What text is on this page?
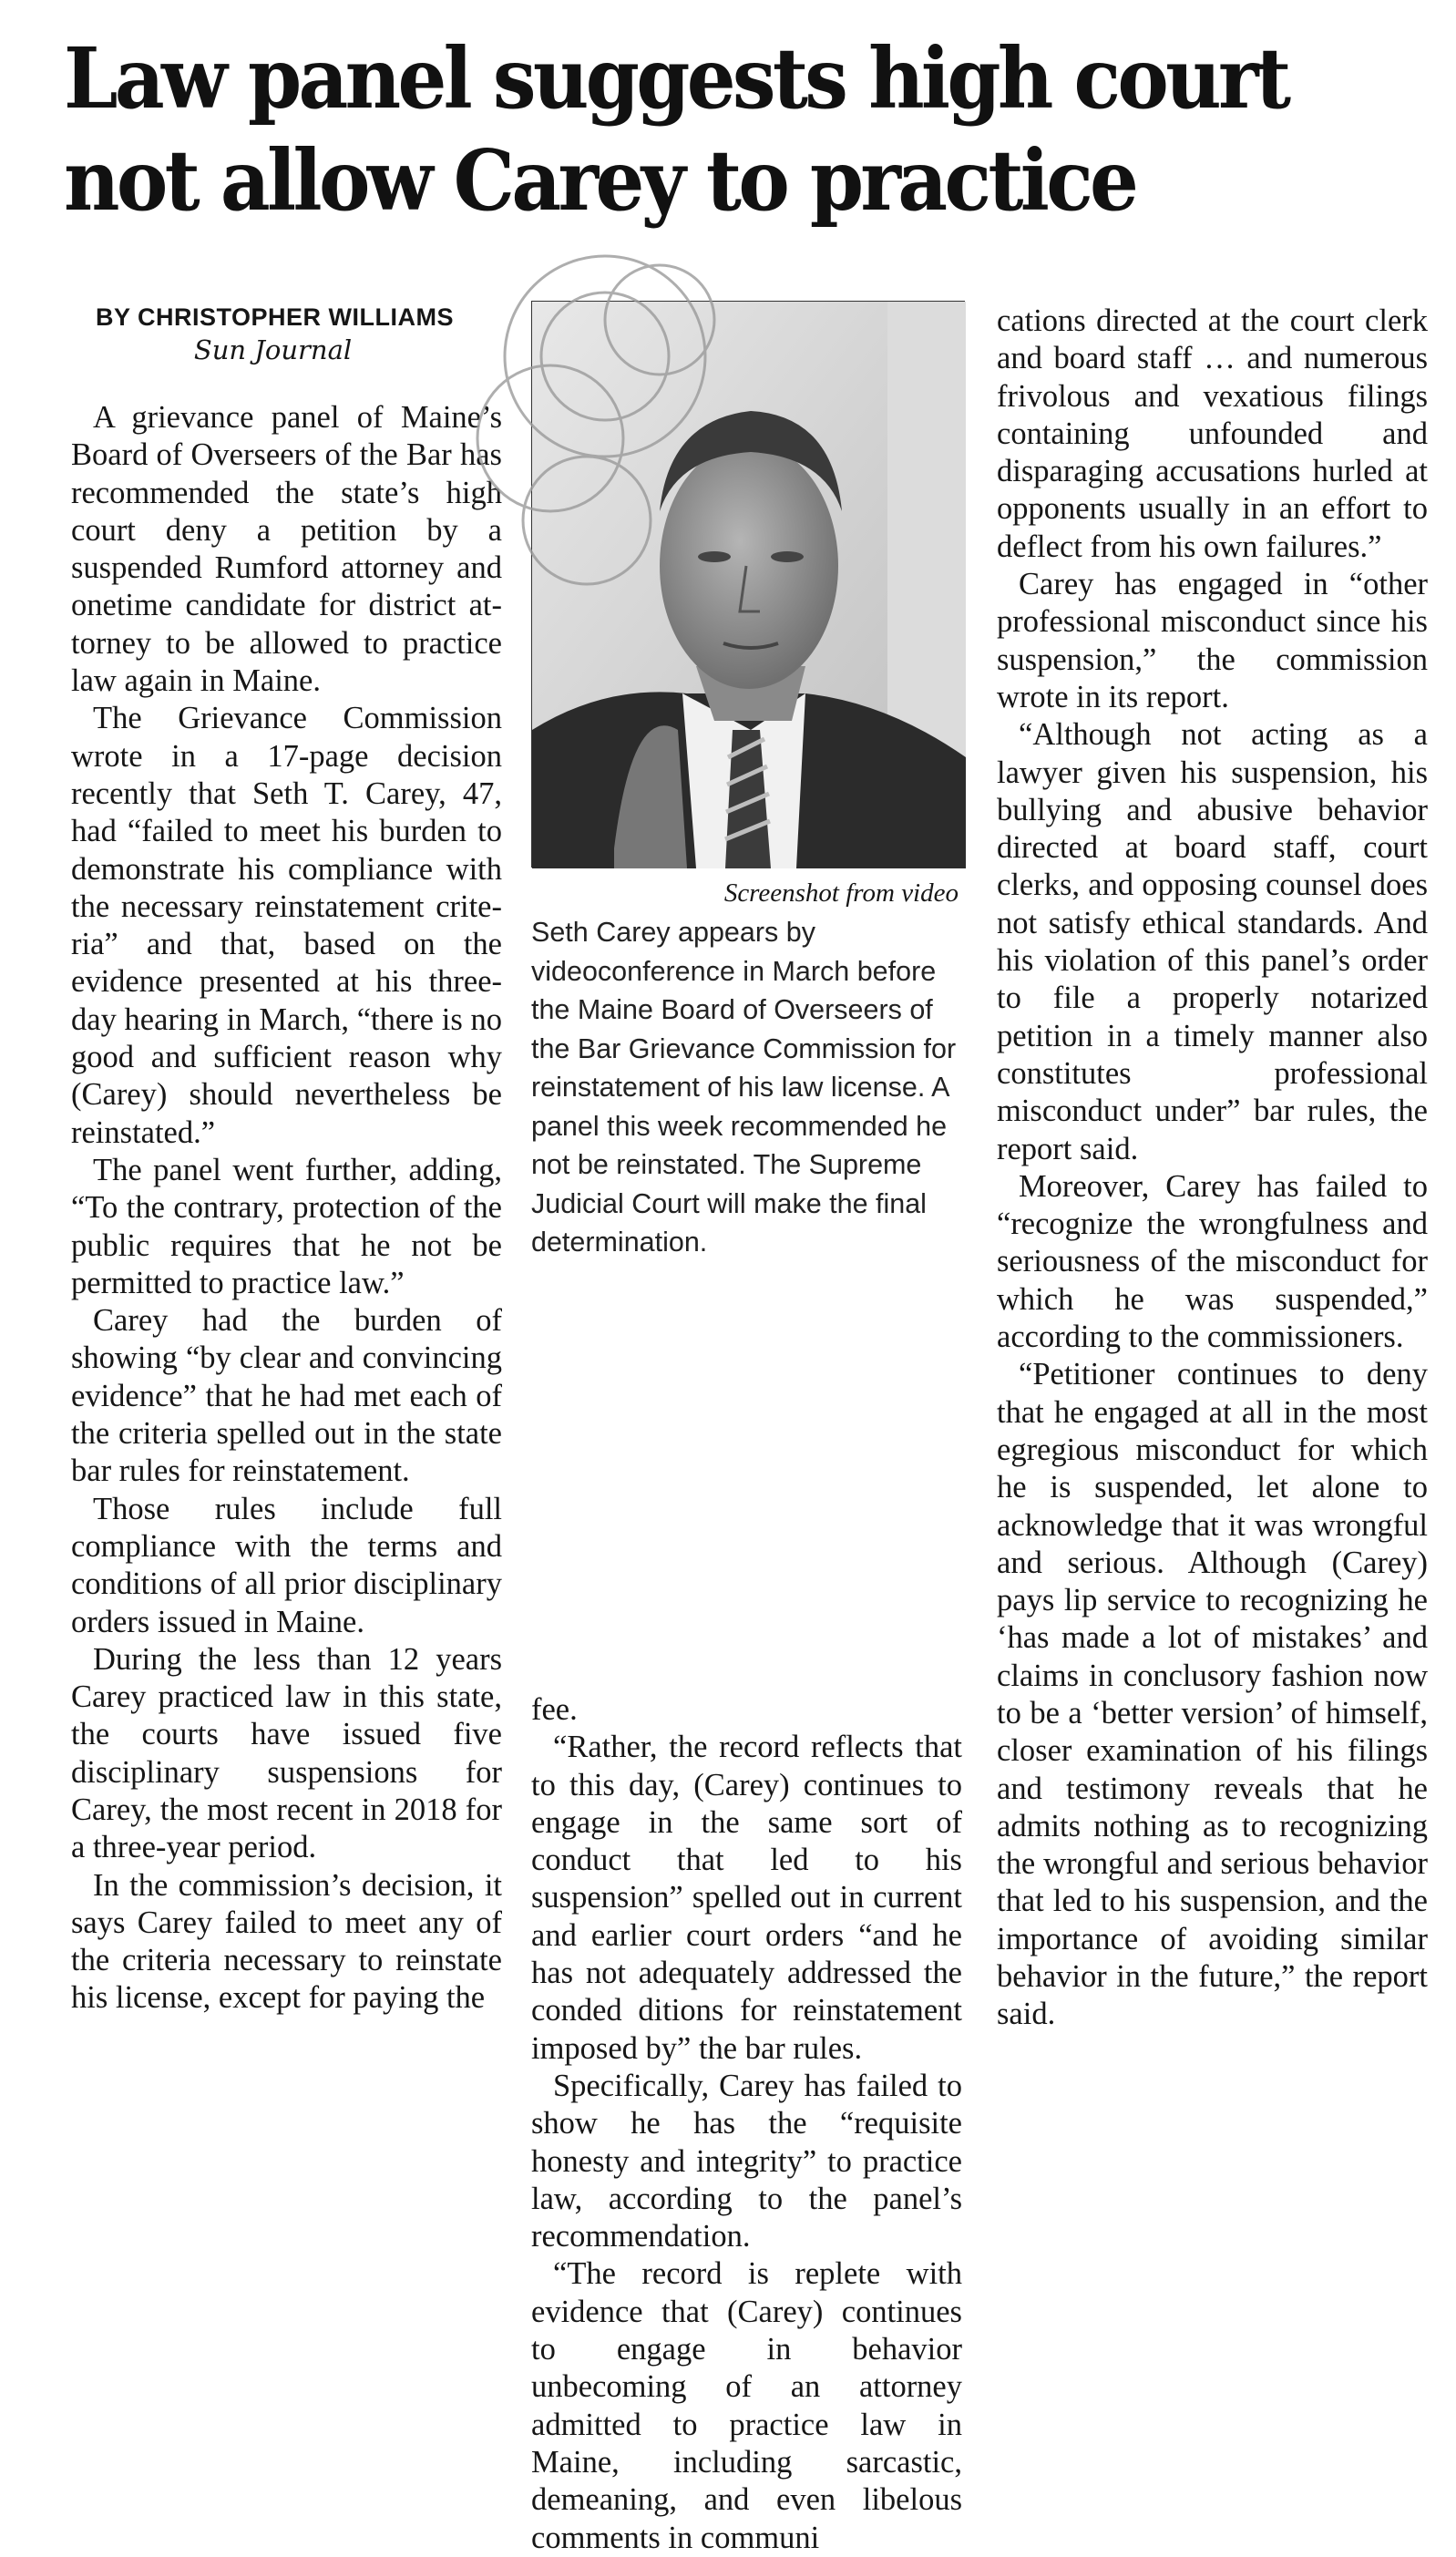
Law panel suggests high court
not allow Carey to practice
BY CHRISTOPHER WILLIAMS
Sun Journal

A grievance panel of Maine’s Board of Overseers of the Bar has recommended the state’s high court deny a petition by a suspended Rumford attorney and onetime candidate for district attorney to be allowed to practice law again in Maine.

The Grievance Commission wrote in a 17-page decision recently that Seth T. Carey, 47, had “failed to meet his burden to demonstrate his compliance with the necessary reinstatement criteria” and that, based on the evidence presented at his three-day hearing in March, “there is no good and sufficient reason why (Carey) should nevertheless be reinstated.”

The panel went further, adding, “To the contrary, protection of the public requires that he not be permitted to practice law.”

Carey had the burden of showing “by clear and convincing evidence” that he had met each of the criteria spelled out in the state bar rules for reinstatement.

Those rules include full compliance with the terms and conditions of all prior disciplinary orders issued in Maine.

During the less than 12 years Carey practiced law in this state, the courts have issued five disciplinary suspensions for Carey, the most recent in 2018 for a three-year period.

In the commission’s decision, it says Carey failed to meet any of the criteria necessary to reinstate his license, except for paying the

Screenshot from video
Seth Carey appears by videoconference in March before the Maine Board of Overseers of the Bar Grievance Commission for reinstatement of his law license. A panel this week recommended he not be reinstated. The Supreme Judicial Court will make the final determination.

fee.

“Rather, the record reflects that to this day, (Carey) continues to engage in the same sort of conduct that led to his suspension” spelled out in current and earlier court orders “and he has not adequately addressed the conded ditions for reinstatement imposed by” the bar rules.

Specifically, Carey has failed to show he has the “requisite honesty and integrity” to practice law, according to the panel’s recommendation.

“The record is replete with evidence that (Carey) continues to engage in behavior unbecoming of an attorney admitted to practice law in Maine, including sarcastic, demeaning, and even libelous comments in communi

cations directed at the court clerk and board staff … and numerous frivolous and vexatious filings containing unfounded and disparaging accusations hurled at opponents usually in an effort to deflect from his own failures.”

Carey has engaged in “other professional misconduct since his suspension,” the commission wrote in its report.

“Although not acting as a lawyer given his suspension, his bullying and abusive behavior directed at board staff, court clerks, and opposing counsel does not satisfy ethical standards. And his violation of this panel’s order to file a properly notarized petition in a timely manner also constitutes professional misconduct under” bar rules, the report said.

Moreover, Carey has failed to “recognize the wrongfulness and seriousness of the misconduct for which he was suspended,” according to the commissioners.

“Petitioner continues to deny that he engaged at all in the most egregious misconduct for which he is suspended, let alone to acknowledge that it was wrongful and serious. Although (Carey) pays lip service to recognizing he ‘has made a lot of mistakes’ and claims in conclusory fashion now to be a ‘better version’ of himself, closer examination of his filings and testimony reveals that he admits nothing as to recognizing the wrongful and serious behavior that led to his suspension, and the importance of avoiding similar behavior in the future,” the report said.
